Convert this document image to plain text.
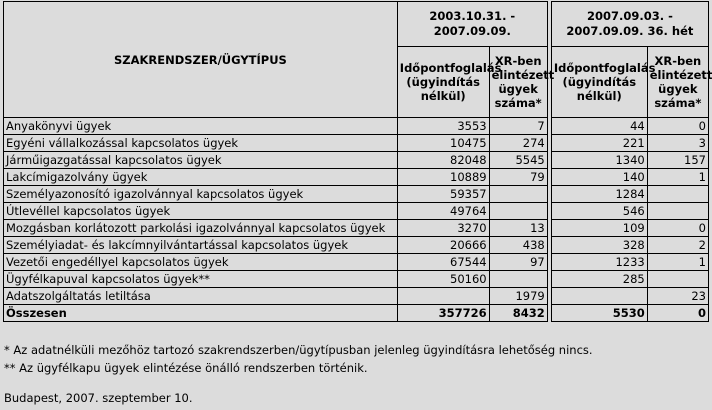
SZAKRENDSZER/ÜGYTÍPUS	2003.10.31. - 2007.09.09.			2007.09.03. - 2007.09.09. 36. hét	
	Időpontfoglalás (ügyindítás nélkül)	XR-ben elintézett ügyek száma*		Időpontfoglalás (ügyindítás nélkül)	XR-ben elintézett ügyek száma*
Anyakönyvi ügyek	3553	7		44	0
Egyéni vállalkozással kapcsolatos ügyek	10475	274		221	3
Járműigazgatással kapcsolatos ügyek	82048	5545		1340	157
Lakcímigazolvány ügyek	10889	79		140	1
Személyazonosító igazolvánnyal kapcsolatos ügyek	59357			1284	
Útlevéllel kapcsolatos ügyek	49764			546	
Mozgásban korlátozott parkolási igazolvánnyal kapcsolatos ügyek	3270	13		109	0
Személyiadat- és lakcímnyilvántartással kapcsolatos ügyek	20666	438		328	2
Vezetői engedéllyel kapcsolatos ügyek	67544	97		1233	1
Ügyfélkapuval kapcsolatos ügyek**	50160			285	
Adatszolgáltatás letiltása		1979			23
Összesen	357726	8432		5530	0

* Az adatnélküli mezőhöz tartozó szakrendszerben/ügytípusban jelenleg ügyindításra lehetőség nincs.

** Az ügyfélkapu ügyek elintézése önálló rendszerben történik.

Budapest, 2007. szeptember 10.
